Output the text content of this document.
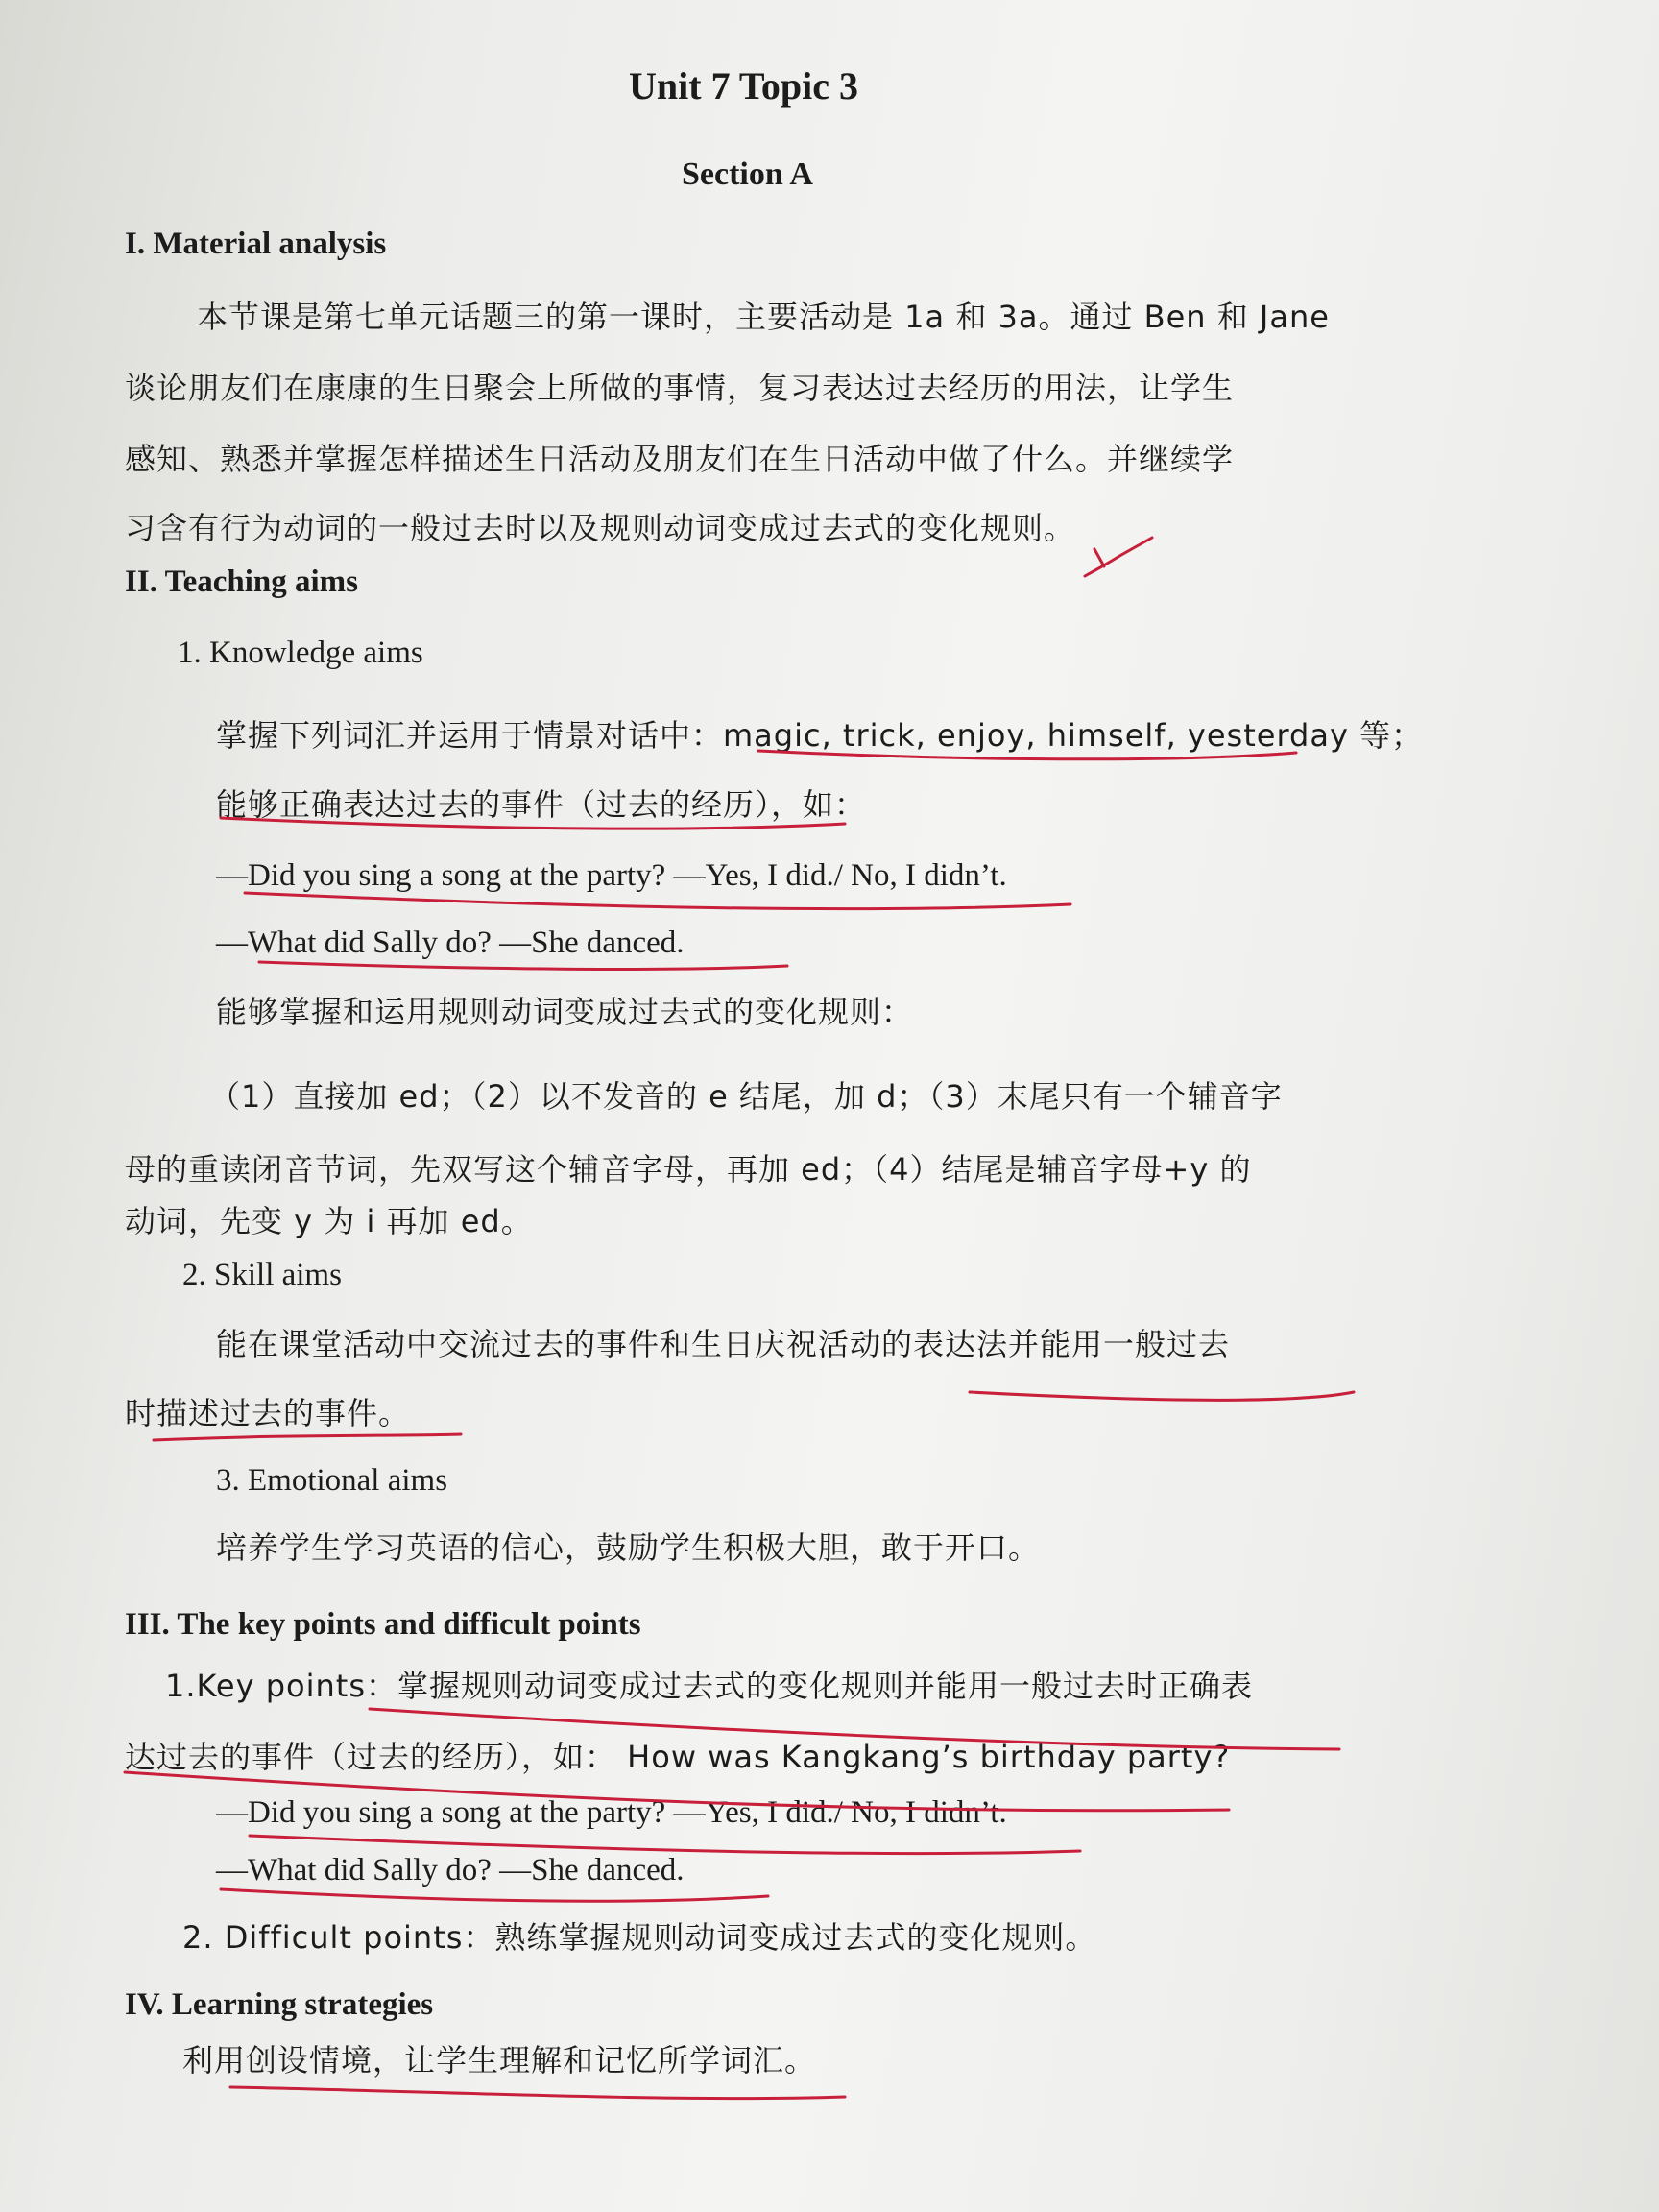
Unit 7 Topic 3
Section A
I. Material analysis
本节课是第七单元话题三的第一课时，主要活动是 1a 和 3a。通过 Ben 和 Jane
谈论朋友们在康康的生日聚会上所做的事情，复习表达过去经历的用法，让学生
感知、熟悉并掌握怎样描述生日活动及朋友们在生日活动中做了什么。并继续学
习含有行为动词的一般过去时以及规则动词变成过去式的变化规则。
II. Teaching aims
1. Knowledge aims
掌握下列词汇并运用于情景对话中：magic, trick, enjoy, himself, yesterday 等；
能够正确表达过去的事件（过去的经历），如：
—Did you sing a song at the party? —Yes, I did./ No, I didn’t.
—What did Sally do? —She danced.
能够掌握和运用规则动词变成过去式的变化规则：
（1）直接加 ed；（2）以不发音的 e 结尾，加 d；（3）末尾只有一个辅音字
母的重读闭音节词，先双写这个辅音字母，再加 ed；（4）结尾是辅音字母+y 的
动词，先变 y 为 i 再加 ed。
2. Skill aims
能在课堂活动中交流过去的事件和生日庆祝活动的表达法并能用一般过去
时描述过去的事件。
3. Emotional aims
培养学生学习英语的信心，鼓励学生积极大胆，敢于开口。
III. The key points and difficult points
1.Key points：掌握规则动词变成过去式的变化规则并能用一般过去时正确表
达过去的事件（过去的经历），如： How was Kangkang’s birthday party?
—Did you sing a song at the party? —Yes, I did./ No, I didn’t.
—What did Sally do? —She danced.
2. Difficult points：熟练掌握规则动词变成过去式的变化规则。
IV. Learning strategies
利用创设情境，让学生理解和记忆所学词汇。
